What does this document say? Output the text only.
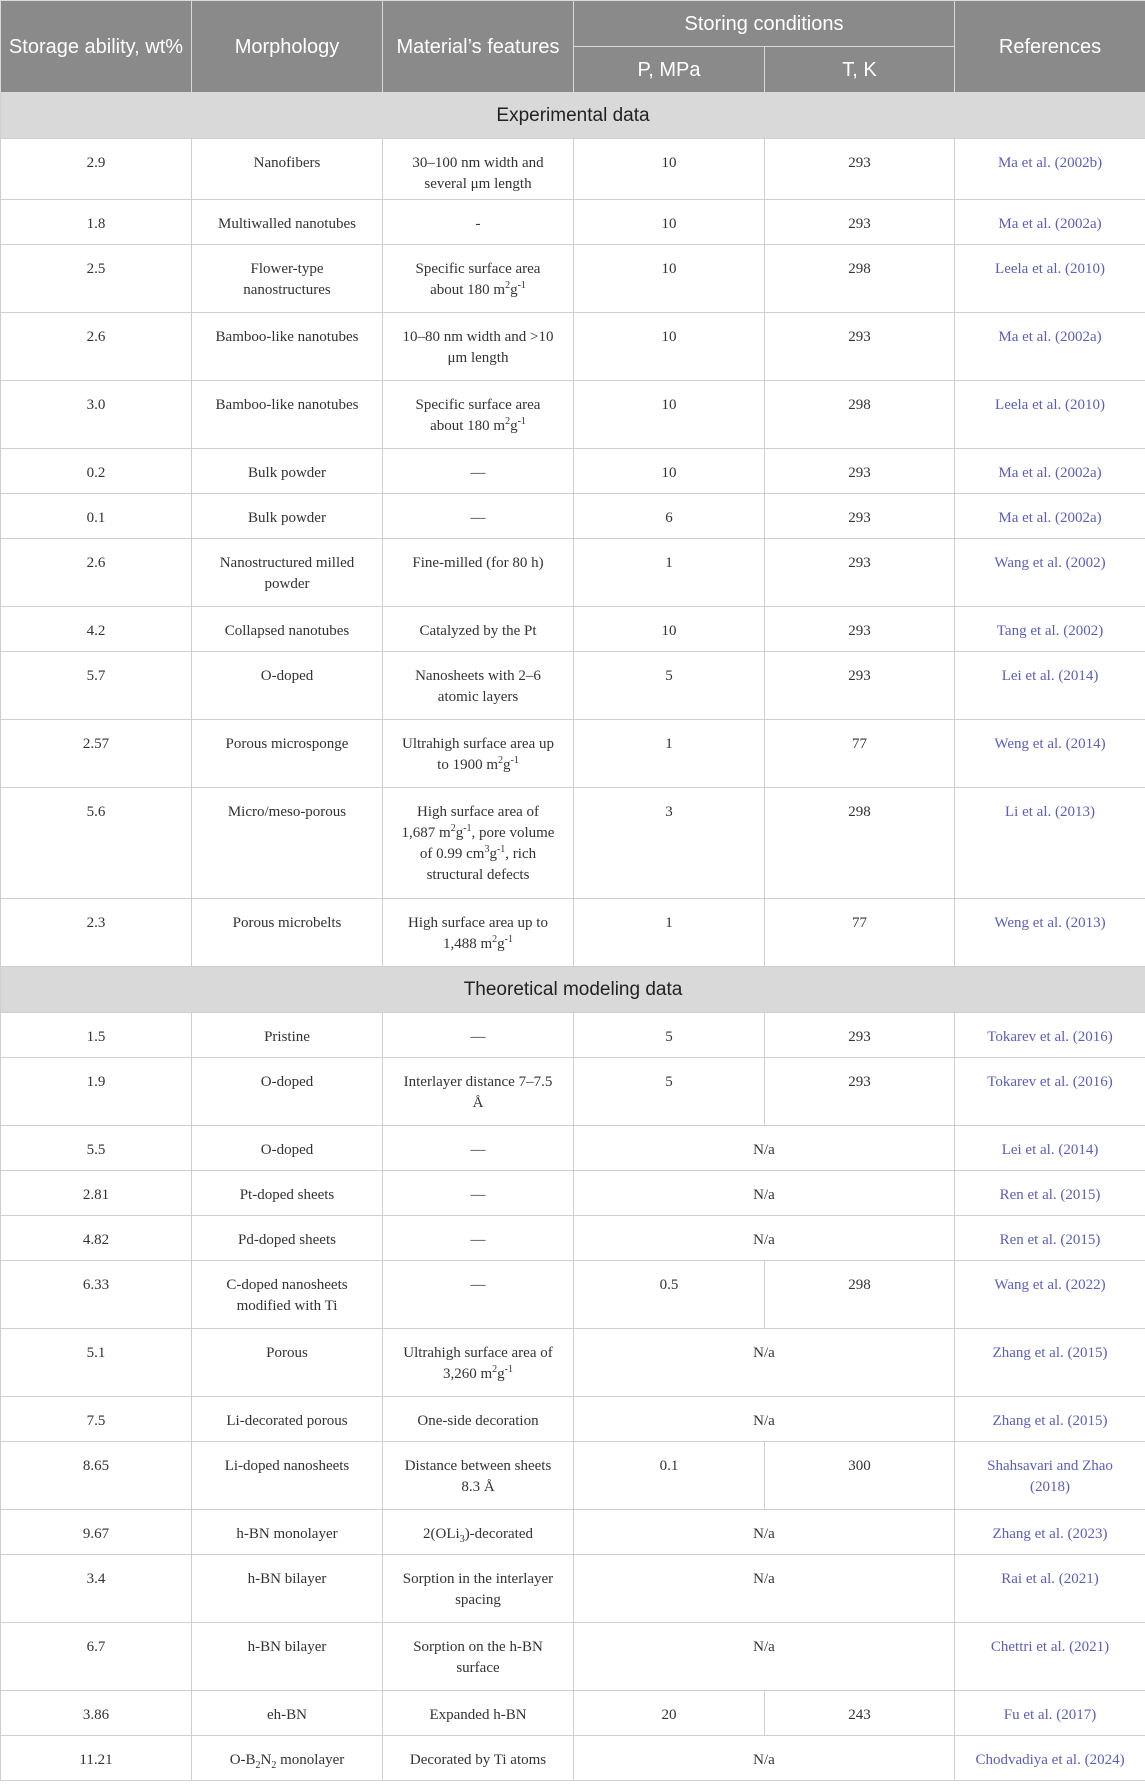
Storage ability, wt%	Morphology	Material’s features	Storing conditions		References
			P, MPa	T, K	
Experimental data					
2.9	Nanofibers	30–100 nm width and several μm length	10	293	Ma et al. (2002b)
1.8	Multiwalled nanotubes	-	10	293	Ma et al. (2002a)
2.5	Flower-type nanostructures	Specific surface area about 180 $m^2g^{-1}$	10	298	Leela et al. (2010)
2.6	Bamboo-like nanotubes	10–80 nm width and >10 μm length	10	293	Ma et al. (2002a)
3.0	Bamboo-like nanotubes	Specific surface area about 180 $m^2g^{-1}$	10	298	Leela et al. (2010)
0.2	Bulk powder	—	10	293	Ma et al. (2002a)
0.1	Bulk powder	—	6	293	Ma et al. (2002a)
2.6	Nanostructured milled powder	Fine-milled (for 80 h)	1	293	Wang et al. (2002)
4.2	Collapsed nanotubes	Catalyzed by the Pt	10	293	Tang et al. (2002)
5.7	O-doped	Nanosheets with 2–6 atomic layers	5	293	Lei et al. (2014)
2.57	Porous microsponge	Ultrahigh surface area up to 1900 $m^2g^{-1}$	1	77	Weng et al. (2014)
5.6	Micro/meso-porous	High surface area of 1,687 $m^2g^{-1}$, pore volume of 0.99 $cm^3g^{-1}$, rich structural defects	3	298	Li et al. (2013)
2.3	Porous microbelts	High surface area up to 1,488 $m^2g^{-1}$	1	77	Weng et al. (2013)
Theoretical modeling data					
1.5	Pristine	—	5	293	Tokarev et al. (2016)
1.9	O-doped	Interlayer distance 7–7.5 Å	5	293	Tokarev et al. (2016)
5.5	O-doped	—	N/a		Lei et al. (2014)
2.81	Pt-doped sheets	—	N/a		Ren et al. (2015)
4.82	Pd-doped sheets	—	N/a		Ren et al. (2015)
6.33	C-doped nanosheets modified with Ti	—	0.5	298	Wang et al. (2022)
5.1	Porous	Ultrahigh surface area of 3,260 $m^2g^{-1}$	N/a		Zhang et al. (2015)
7.5	Li-decorated porous	One-side decoration	N/a		Zhang et al. (2015)
8.65	Li-doped nanosheets	Distance between sheets 8.3 Å	0.1	300	Shahsavari and Zhao (2018)
9.67	h-BN monolayer	2(OLi$_3$)-decorated	N/a		Zhang et al. (2023)
3.4	h-BN bilayer	Sorption in the interlayer spacing	N/a		Rai et al. (2021)
6.7	h-BN bilayer	Sorption on the h-BN surface	N/a		Chettri et al. (2021)
3.86	eh-BN	Expanded h-BN	20	243	Fu et al. (2017)
11.21	$O-B_2N_2$ monolayer	Decorated by Ti atoms	N/a		Chodvadiya et al. (2024)
